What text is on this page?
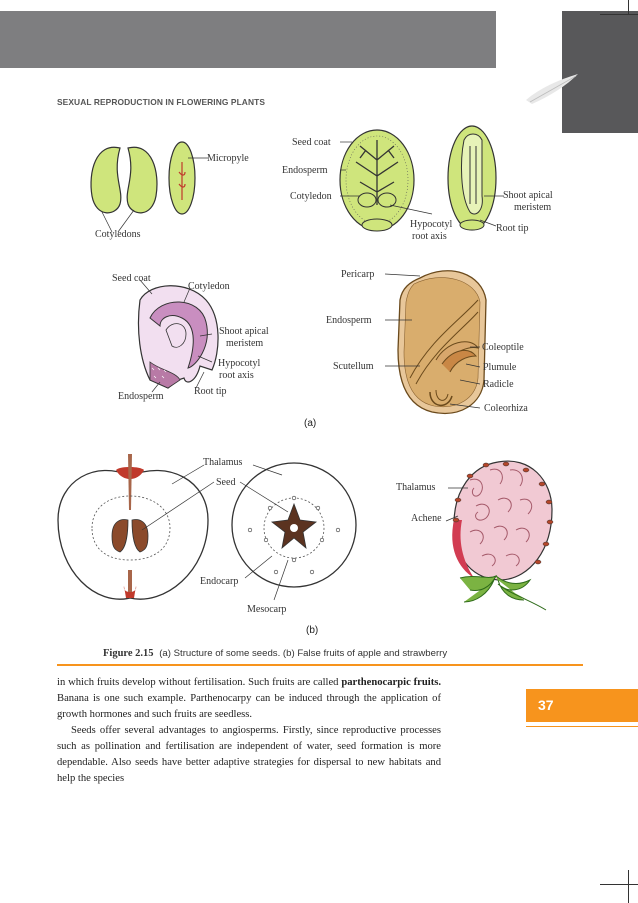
SEXUAL REPRODUCTION IN FLOWERING PLANTS
Micropyle
Cotyledons
Seed coat
Endosperm
Cotyledon
Hypocotyl
root axis
Shoot apical
meristem
Root tip
Seed coat
Cotyledon
Shoot apical
meristem
Hypocotyl
root axis
Root tip
Endosperm
Pericarp
Endosperm
Scutellum
Coleoptile
Plumule
Radicle
Coleorhiza
(a)
Thalamus
Seed
Endocarp
Mesocarp
Thalamus
Achene
(b)
Figure 2.15 (a) Structure of some seeds. (b) False fruits of apple and strawberry

in which fruits develop without fertilisation. Such fruits are called parthenocarpic fruits. Banana is one such example. Parthenocarpy can be induced through the application of growth hormones and such fruits are seedless.

Seeds offer several advantages to angiosperms. Firstly, since reproductive processes such as pollination and fertilisation are independent of water, seed formation is more dependable. Also seeds have better adaptive strategies for dispersal to new habitats and help the species

37
